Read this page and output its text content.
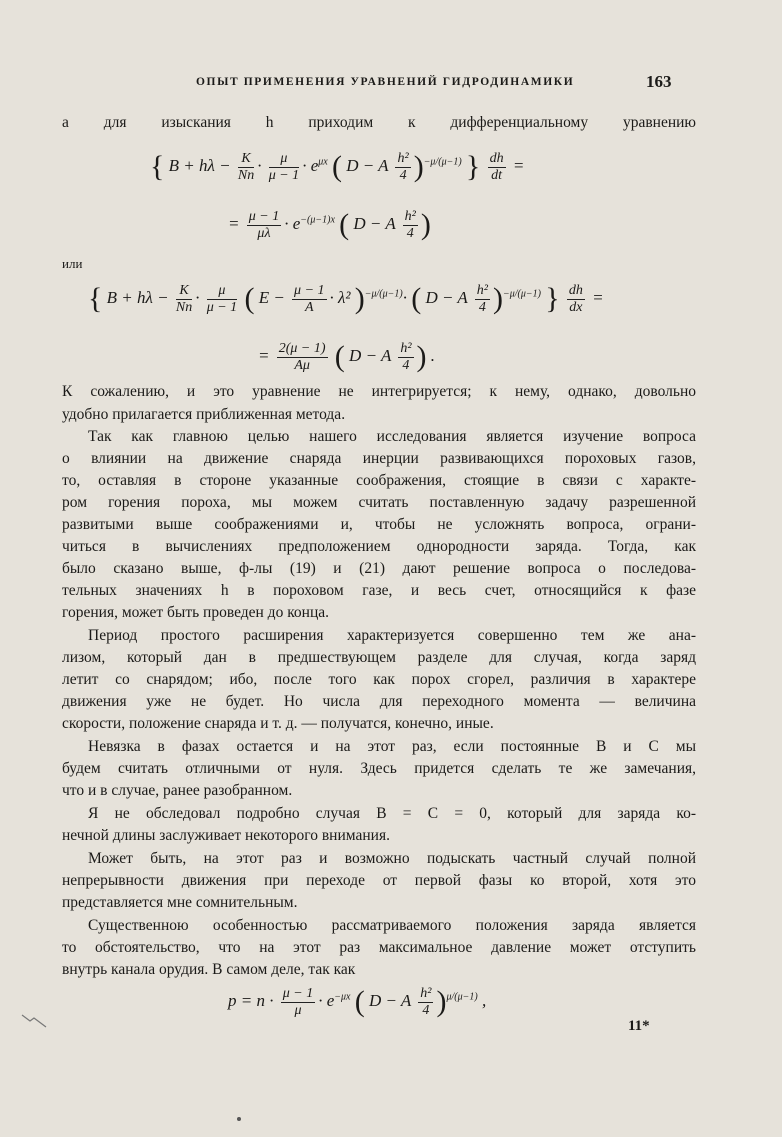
ОПЫТ ПРИМЕНЕНИЯ УРАВНЕНИЙ ГИДРОДИНАМИКИ	163
а для изыскания h приходим к дифференциальному уравнению
{ $B + h\lambda - \frac{K}{Nn} \cdot \frac{\mu}{\mu - 1} \cdot e^{\mu x}$ ( D − A $\frac{\text{h²}}{4} )^{-\mu/(\mu-1)}$ } $\frac{dh}{dt}$ =
= $\frac{\mu - 1}{\mu\lambda} \cdot e^{-(\mu-1)x}$ ( D − A $\frac{\text{h²}}{4}$ )
или
{ $B + h\lambda - \frac{K}{Nn} \cdot \frac{\mu}{\mu - 1}$ ( $E - \frac{\mu - 1}{A} \cdot \lambda^2$ )$^{-\mu/(\mu-1)}$· ( D − A $\frac{\text{h²}}{4} )^{-\mu/(\mu-1)}$ } $\frac{dh}{dx}$ =
= $\frac{2(\mu - 1)}{A\mu}$ ( D − A $\frac{\text{h²}}{4}$ ) .
К сожалению, и это уравнение не интегрируется; к нему, однако, довольно
удобно прилагается приближенная метода.
Так как главною целью нашего исследования является изучение вопроса
о влиянии на движение снаряда инерции развивающихся пороховых газов,
то, оставляя в стороне указанные соображения, стоящие в связи с характе-
ром горения пороха, мы можем считать поставленную задачу разрешенной
развитыми выше соображениями и, чтобы не усложнять вопроса, ограни-
читься в вычислениях предположением однородности заряда. Тогда, как
было сказано выше, ф-лы (19) и (21) дают решение вопроса о последова-
тельных значениях h в пороховом газе, и весь счет, относящийся к фазе
горения, может быть проведен до конца.
Период простого расширения характеризуется совершенно тем же ана-
лизом, который дан в предшествующем разделе для случая, когда заряд
летит со снарядом; ибо, после того как порох сгорел, различия в характере
движения уже не будет. Но числа для переходного момента — величина
скорости, положение снаряда и т. д. — получатся, конечно, иные.
Невязка в фазах остается и на этот раз, если постоянные B и C мы
будем считать отличными от нуля. Здесь придется сделать те же замечания,
что и в случае, ранее разобранном.
Я не обследовал подробно случая B = C = 0, который для заряда ко-
нечной длины заслуживает некоторого внимания.
Может быть, на этот раз и возможно подыскать частный случай полной
непрерывности движения при переходе от первой фазы ко второй, хотя это
представляется мне сомнительным.
Существенною особенностью рассматриваемого положения заряда является
то обстоятельство, что на этот раз максимальное давление может отступить
внутрь канала орудия. В самом деле, так как
$p = n \cdot \frac{\mu - 1}{\mu} \cdot e^{-\mu x}$ ( D − A $\frac{\text{h²}}{4} )^{\mu/(\mu-1)}$ ,
11*
